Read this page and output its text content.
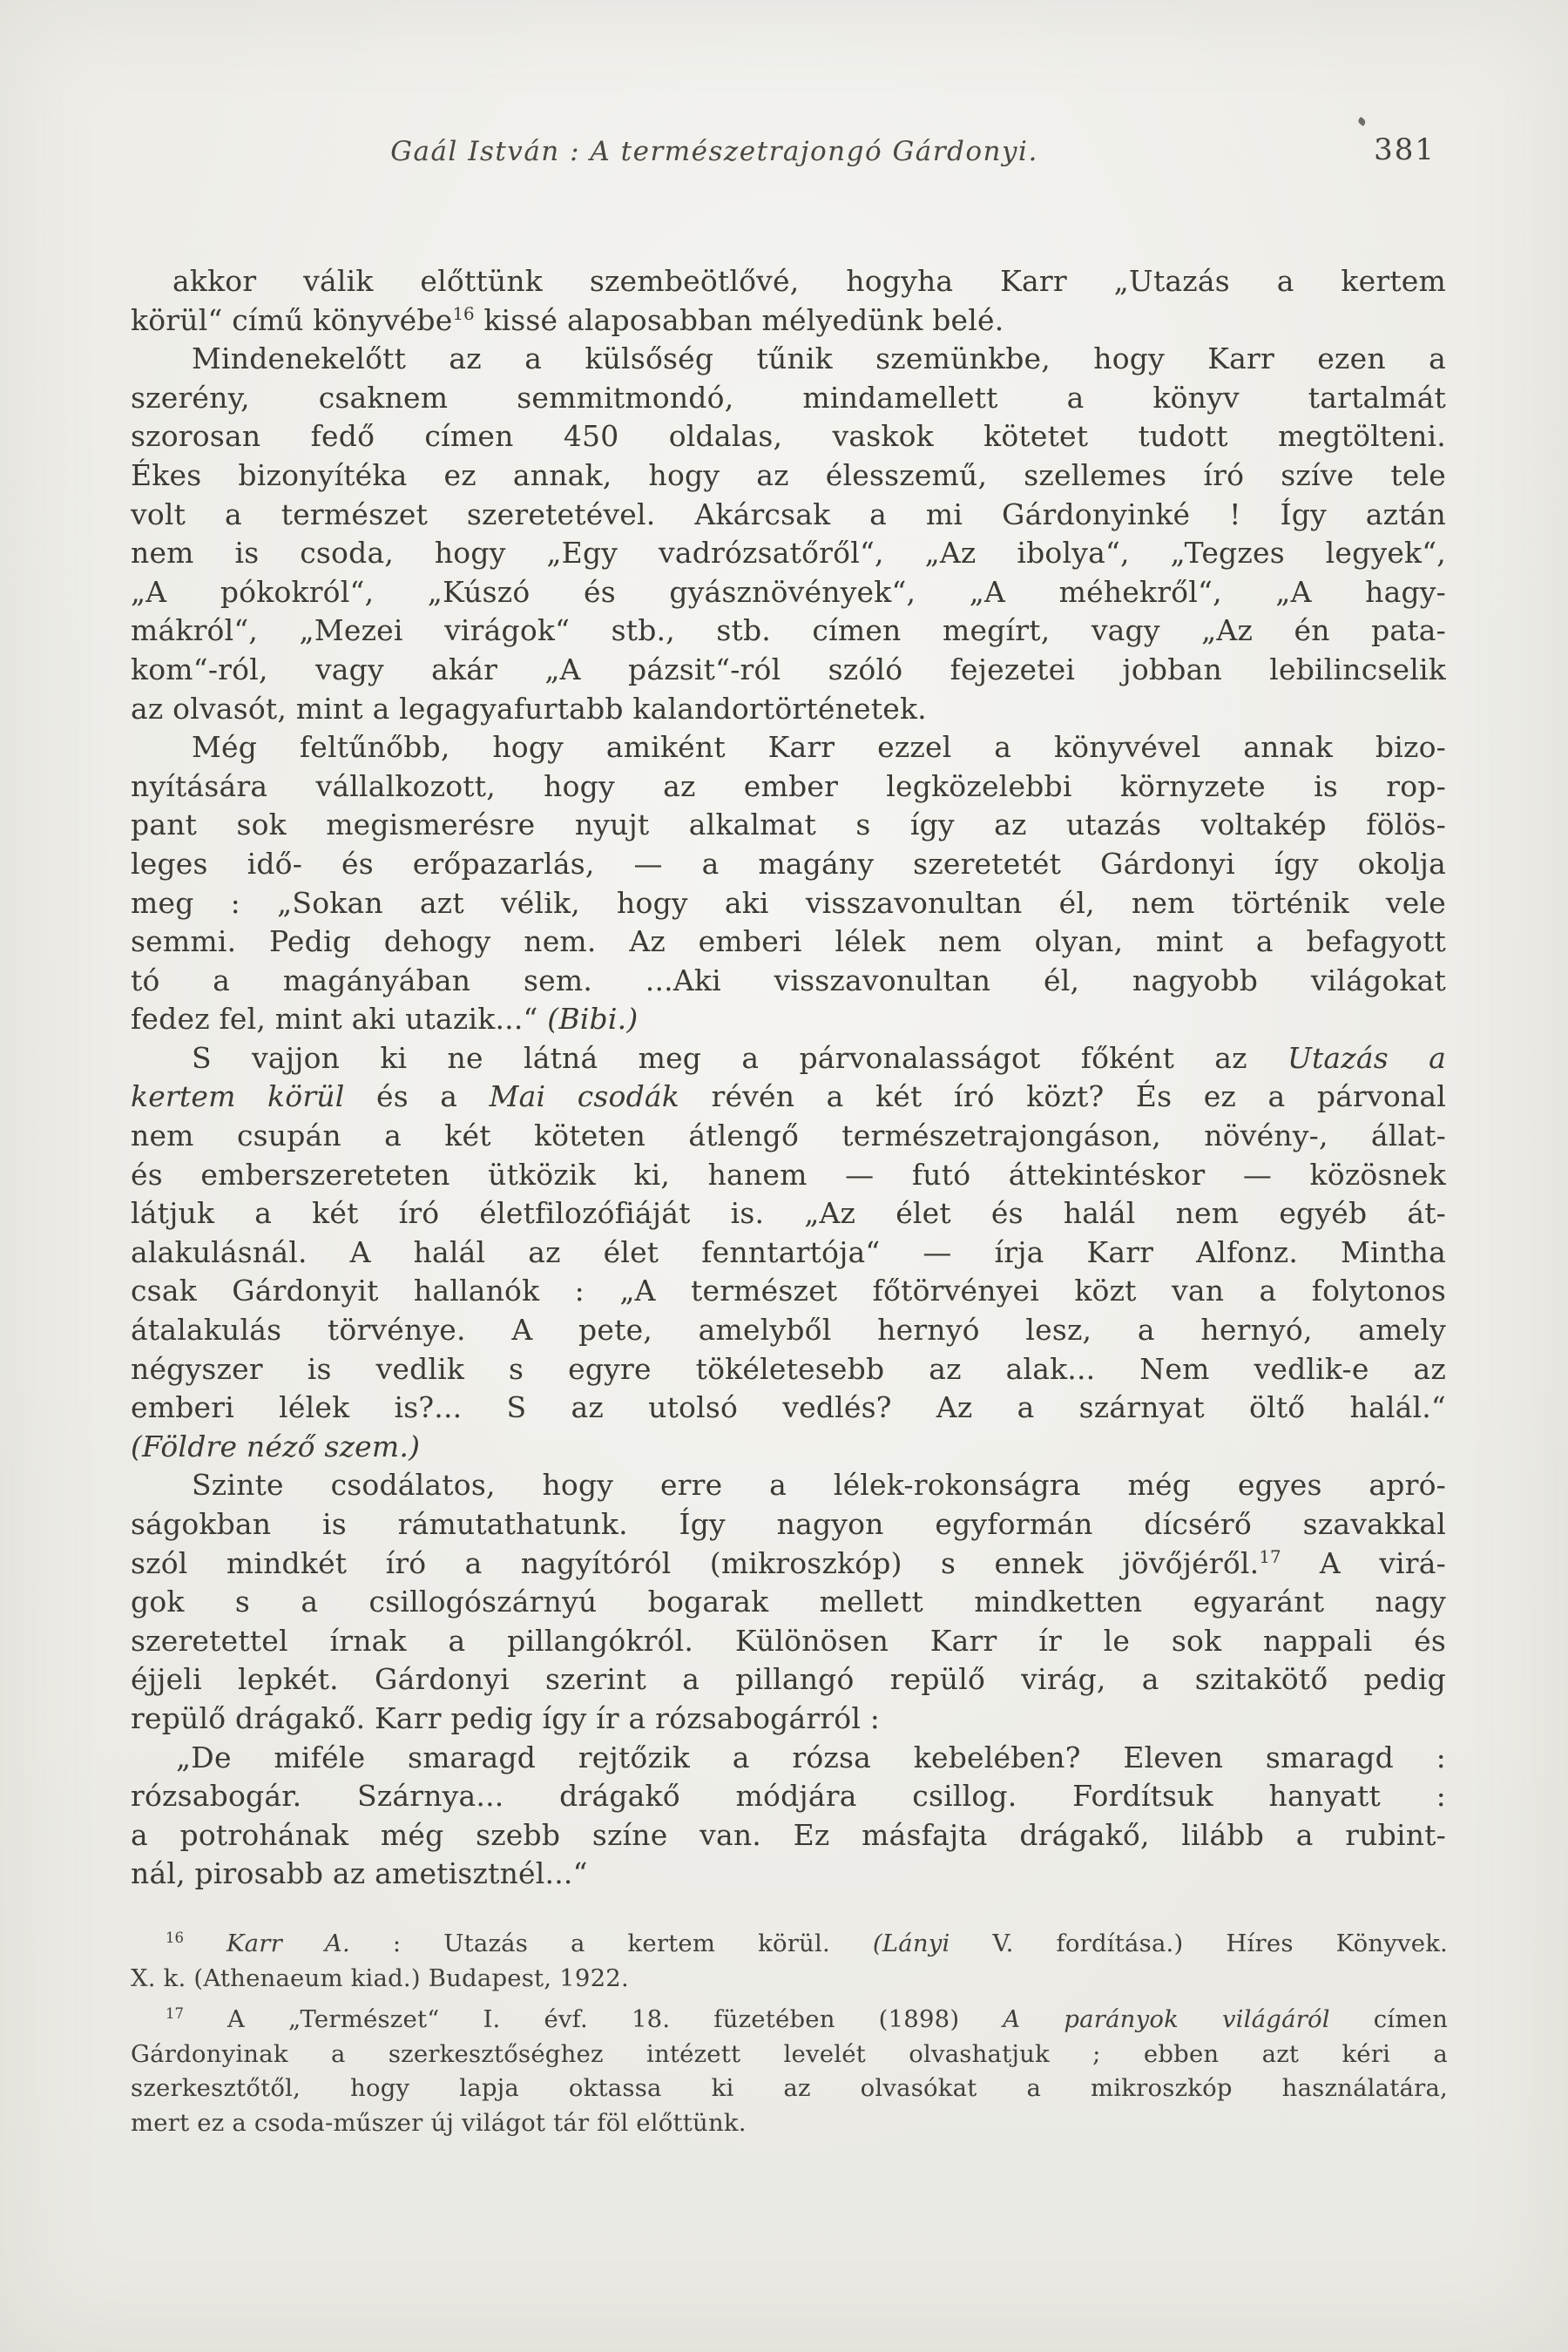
Gaál István : A természetrajongó Gárdonyi.	381
akkor válik előttünk szembeötlővé, hogyha Karr „Utazás a kertem
körül“ című könyvébe$^{16}$ kissé alaposabban mélyedünk belé.
Mindenekelőtt az a külsőség tűnik szemünkbe, hogy Karr ezen a
szerény, csaknem semmitmondó, mindamellett a könyv tartalmát
szorosan fedő címen 450 oldalas, vaskok kötetet tudott megtölteni.
Ékes bizonyítéka ez annak, hogy az élesszemű, szellemes író szíve tele
volt a természet szeretetével. Akárcsak a mi Gárdonyinké ! Így aztán
nem is csoda, hogy „Egy vadrózsatőről“, „Az ibolya“, „Tegzes legyek“,
„A pókokról“, „Kúszó és gyásznövények“, „A méhekről“, „A hagy-
mákról“, „Mezei virágok“ stb., stb. címen megírt, vagy „Az én pata-
kom“-ról, vagy akár „A pázsit“-ról szóló fejezetei jobban lebilincselik
az olvasót, mint a legagyafurtabb kalandortörténetek.
Még feltűnőbb, hogy amiként Karr ezzel a könyvével annak bizo-
nyítására vállalkozott, hogy az ember legközelebbi környzete is rop-
pant sok megismerésre nyujt alkalmat s így az utazás voltakép fölös-
leges idő- és erőpazarlás, — a magány szeretetét Gárdonyi így okolja
meg : „Sokan azt vélik, hogy aki visszavonultan él, nem történik vele
semmi. Pedig dehogy nem. Az emberi lélek nem olyan, mint a befagyott
tó a magányában sem. ...Aki visszavonultan él, nagyobb világokat
fedez fel, mint aki utazik...“ (Bibi.)
S vajjon ki ne látná meg a párvonalasságot főként az Utazás a
kertem körül és a Mai csodák révén a két író közt? És ez a párvonal
nem csupán a két köteten átlengő természetrajongáson, növény-, állat-
és emberszereteten ütközik ki, hanem — futó áttekintéskor — közösnek
látjuk a két író életfilozófiáját is. „Az élet és halál nem egyéb át-
alakulásnál. A halál az élet fenntartója“ — írja Karr Alfonz. Mintha
csak Gárdonyit hallanók : „A természet főtörvényei közt van a folytonos
átalakulás törvénye. A pete, amelyből hernyó lesz, a hernyó, amely
négyszer is vedlik s egyre tökéletesebb az alak... Nem vedlik-e az
emberi lélek is?... S az utolsó vedlés? Az a szárnyat öltő halál.“
(Földre néző szem.)
Szinte csodálatos, hogy erre a lélek-rokonságra még egyes apró-
ságokban is rámutathatunk. Így nagyon egyformán dícsérő szavakkal
szól mindkét író a nagyítóról (mikroszkóp) s ennek jövőjéről.$^{17}$ A virá-
gok s a csillogószárnyú bogarak mellett mindketten egyaránt nagy
szeretettel írnak a pillangókról. Különösen Karr ír le sok nappali és
éjjeli lepkét. Gárdonyi szerint a pillangó repülő virág, a szitakötő pedig
repülő drágakő. Karr pedig így ír a rózsabogárról :
„De miféle smaragd rejtőzik a rózsa kebelében? Eleven smaragd :
rózsabogár. Szárnya... drágakő módjára csillog. Fordítsuk hanyatt :
a potrohának még szebb színe van. Ez másfajta drágakő, lilább a rubint-
nál, pirosabb az ametisztnél...“
$^{16}$ Karr A. : Utazás a kertem körül. (Lányi V. fordítása.) Híres Könyvek.
X. k. (Athenaeum kiad.) Budapest, 1922.
$^{17}$ A „Természet“ I. évf. 18. füzetében (1898) A parányok világáról címen
Gárdonyinak a szerkesztőséghez intézett levelét olvashatjuk ; ebben azt kéri a
szerkesztőtől, hogy lapja oktassa ki az olvasókat a mikroszkóp használatára,
mert ez a csoda-műszer új világot tár föl előttünk.
